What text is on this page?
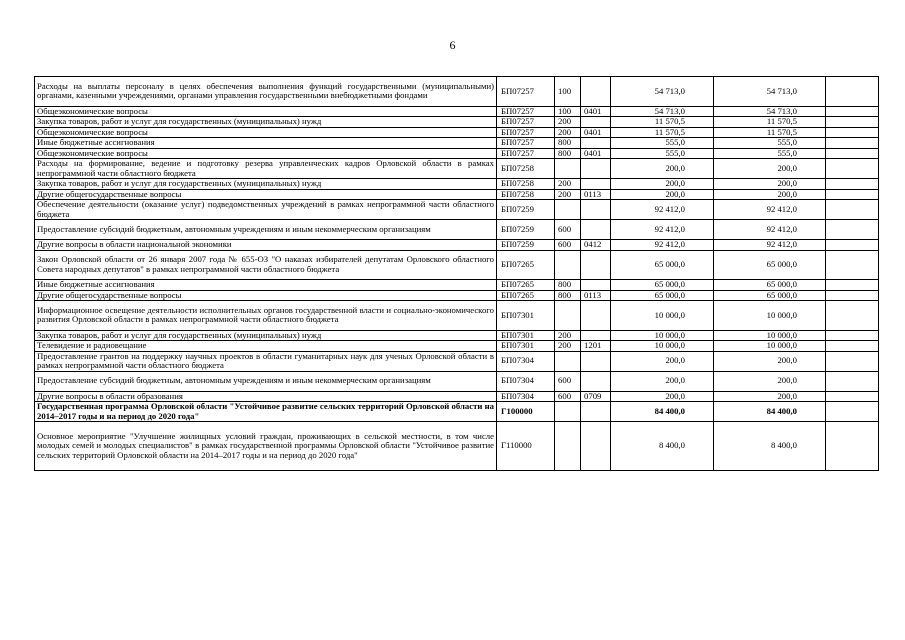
6
Расходы на выплаты персоналу в целях обеспечения выполнения функций государственными (муниципальными) органами, казенными учреждениями, органами управления государственными внебюджетными фондами	БП07257	100		54 713,0	54 713,0	
Общеэкономические вопросы	БП07257	100	0401	54 713,0	54 713,0	
Закупка товаров, работ и услуг для государственных (муниципальных) нужд	БП07257	200		11 570,5	11 570,5	
Общеэкономические вопросы	БП07257	200	0401	11 570,5	11 570,5	
Иные бюджетные ассигнования	БП07257	800		555,0	555,0	
Общеэкономические вопросы	БП07257	800	0401	555,0	555,0	
Расходы на формирование, ведение и подготовку резерва управленческих кадров Орловской области в рамках непрограммной части областного бюджета	БП07258			200,0	200,0	
Закупка товаров, работ и услуг для государственных (муниципальных) нужд	БП07258	200		200,0	200,0	
Другие общегосударственные вопросы	БП07258	200	0113	200,0	200,0	
Обеспечение деятельности (оказание услуг) подведомственных учреждений в рамках непрограммной части областного бюджета	БП07259			92 412,0	92 412,0	
Предоставление субсидий бюджетным, автономным учреждениям и иным некоммерческим организациям	БП07259	600		92 412,0	92 412,0	
Другие вопросы в области национальной экономики	БП07259	600	0412	92 412,0	92 412,0	
Закон Орловской области от 26 января 2007 года № 655-ОЗ "О наказах избирателей депутатам Орловского областного Совета народных депутатов" в рамках непрограммной части областного бюджета	БП07265			65 000,0	65 000,0	
Иные бюджетные ассигнования	БП07265	800		65 000,0	65 000,0	
Другие общегосударственные вопросы	БП07265	800	0113	65 000,0	65 000,0	
Информационное освещение деятельности исполнительных органов государственной власти и социально-экономического развития Орловской области в рамках непрограммной части областного бюджета	БП07301			10 000,0	10 000,0	
Закупка товаров, работ и услуг для государственных (муниципальных) нужд	БП07301	200		10 000,0	10 000,0	
Телевидение и радиовещание	БП07301	200	1201	10 000,0	10 000,0	
Предоставление грантов на поддержку научных проектов в области гуманитарных наук для ученых Орловской области в рамках непрограммной части областного бюджета	БП07304			200,0	200,0	
Предоставление субсидий бюджетным, автономным учреждениям и иным некоммерческим организациям	БП07304	600		200,0	200,0	
Другие вопросы в области образования	БП07304	600	0709	200,0	200,0	
Государственная программа Орловской области "Устойчивое развитие сельских территорий Орловской области на 2014–2017 годы и на период до 2020 года"	Г100000			84 400,0	84 400,0	
Основное мероприятие "Улучшение жилищных условий граждан, проживающих в сельской местности, в том числе молодых семей и молодых специалистов" в рамках государственной программы Орловской области "Устойчивое развитие сельских территорий Орловской области на 2014–2017 годы и на период до 2020 года"	Г110000			8 400,0	8 400,0	
